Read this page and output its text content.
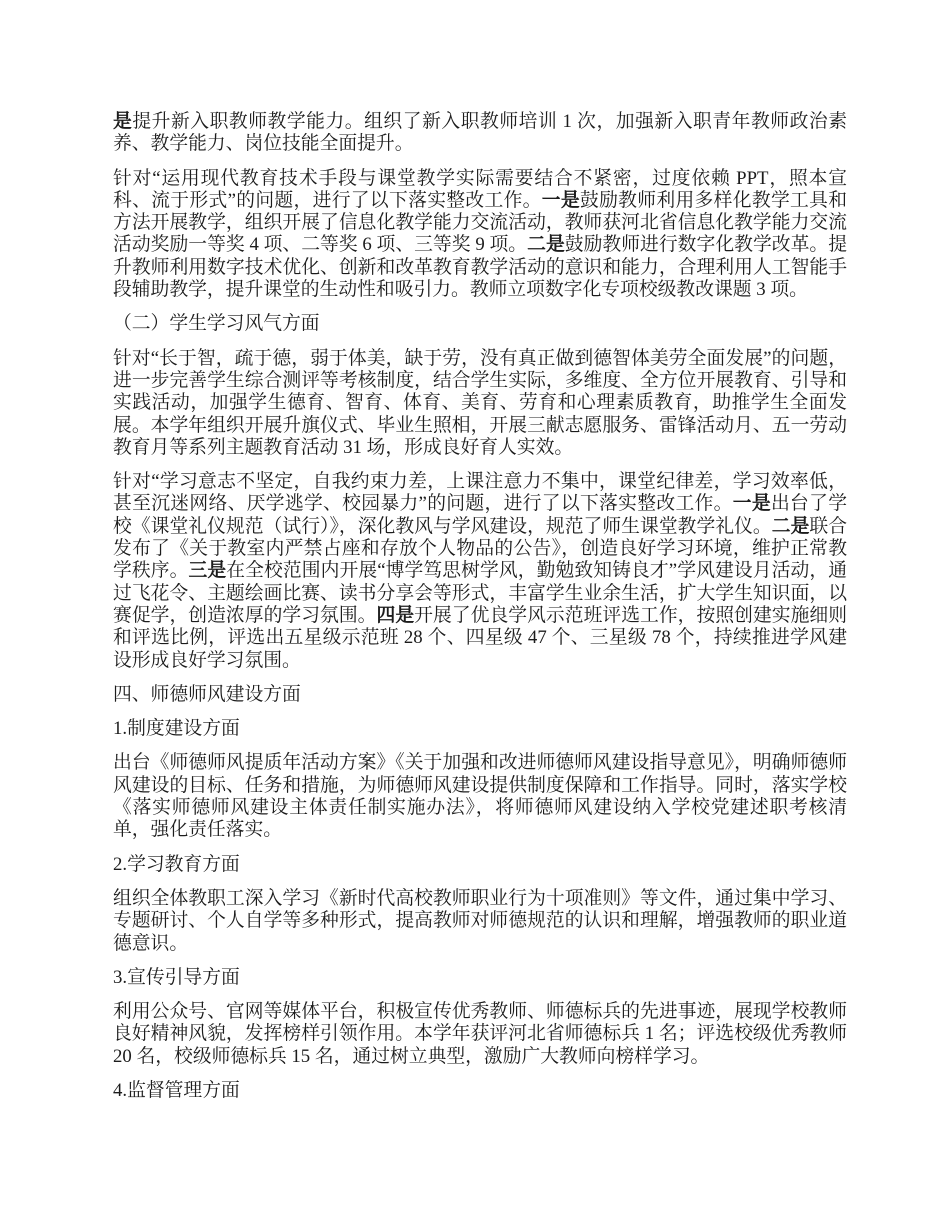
是提升新入职教师教学能力。组织了新入职教师培训 1 次，加强新入职青年教师政治素养、教学能力、岗位技能全面提升。

针对“运用现代教育技术手段与课堂教学实际需要结合不紧密，过度依赖 PPT，照本宣科、流于形式”的问题，进行了以下落实整改工作。一是鼓励教师利用多样化教学工具和方法开展教学，组织开展了信息化教学能力交流活动，教师获河北省信息化教学能力交流活动奖励一等奖 4 项、二等奖 6 项、三等奖 9 项。二是鼓励教师进行数字化教学改革。提升教师利用数字技术优化、创新和改革教育教学活动的意识和能力，合理利用人工智能手段辅助教学，提升课堂的生动性和吸引力。教师立项数字化专项校级教改课题 3 项。

（二）学生学习风气方面

针对“长于智，疏于德，弱于体美，缺于劳，没有真正做到德智体美劳全面发展”的问题，进一步完善学生综合测评等考核制度，结合学生实际，多维度、全方位开展教育、引导和实践活动，加强学生德育、智育、体育、美育、劳育和心理素质教育，助推学生全面发展。本学年组织开展升旗仪式、毕业生照相，开展三献志愿服务、雷锋活动月、五一劳动教育月等系列主题教育活动 31 场，形成良好育人实效。

针对“学习意志不坚定，自我约束力差，上课注意力不集中，课堂纪律差，学习效率低，甚至沉迷网络、厌学逃学、校园暴力”的问题，进行了以下落实整改工作。一是出台了学校《课堂礼仪规范（试行）》，深化教风与学风建设，规范了师生课堂教学礼仪。二是联合发布了《关于教室内严禁占座和存放个人物品的公告》，创造良好学习环境，维护正常教学秩序。三是在全校范围内开展“博学笃思树学风，勤勉致知铸良才”学风建设月活动，通过飞花令、主题绘画比赛、读书分享会等形式，丰富学生业余生活，扩大学生知识面，以赛促学，创造浓厚的学习氛围。四是开展了优良学风示范班评选工作，按照创建实施细则和评选比例，评选出五星级示范班 28 个、四星级 47 个、三星级 78 个，持续推进学风建设形成良好学习氛围。

四、师德师风建设方面

1.制度建设方面

出台《师德师风提质年活动方案》《关于加强和改进师德师风建设指导意见》，明确师德师风建设的目标、任务和措施，为师德师风建设提供制度保障和工作指导。同时，落实学校《落实师德师风建设主体责任制实施办法》，将师德师风建设纳入学校党建述职考核清单，强化责任落实。

2.学习教育方面

组织全体教职工深入学习《新时代高校教师职业行为十项准则》等文件，通过集中学习、专题研讨、个人自学等多种形式，提高教师对师德规范的认识和理解，增强教师的职业道德意识。

3.宣传引导方面

利用公众号、官网等媒体平台，积极宣传优秀教师、师德标兵的先进事迹，展现学校教师良好精神风貌，发挥榜样引领作用。本学年获评河北省师德标兵 1 名；评选校级优秀教师 20 名，校级师德标兵 15 名，通过树立典型，激励广大教师向榜样学习。

4.监督管理方面
